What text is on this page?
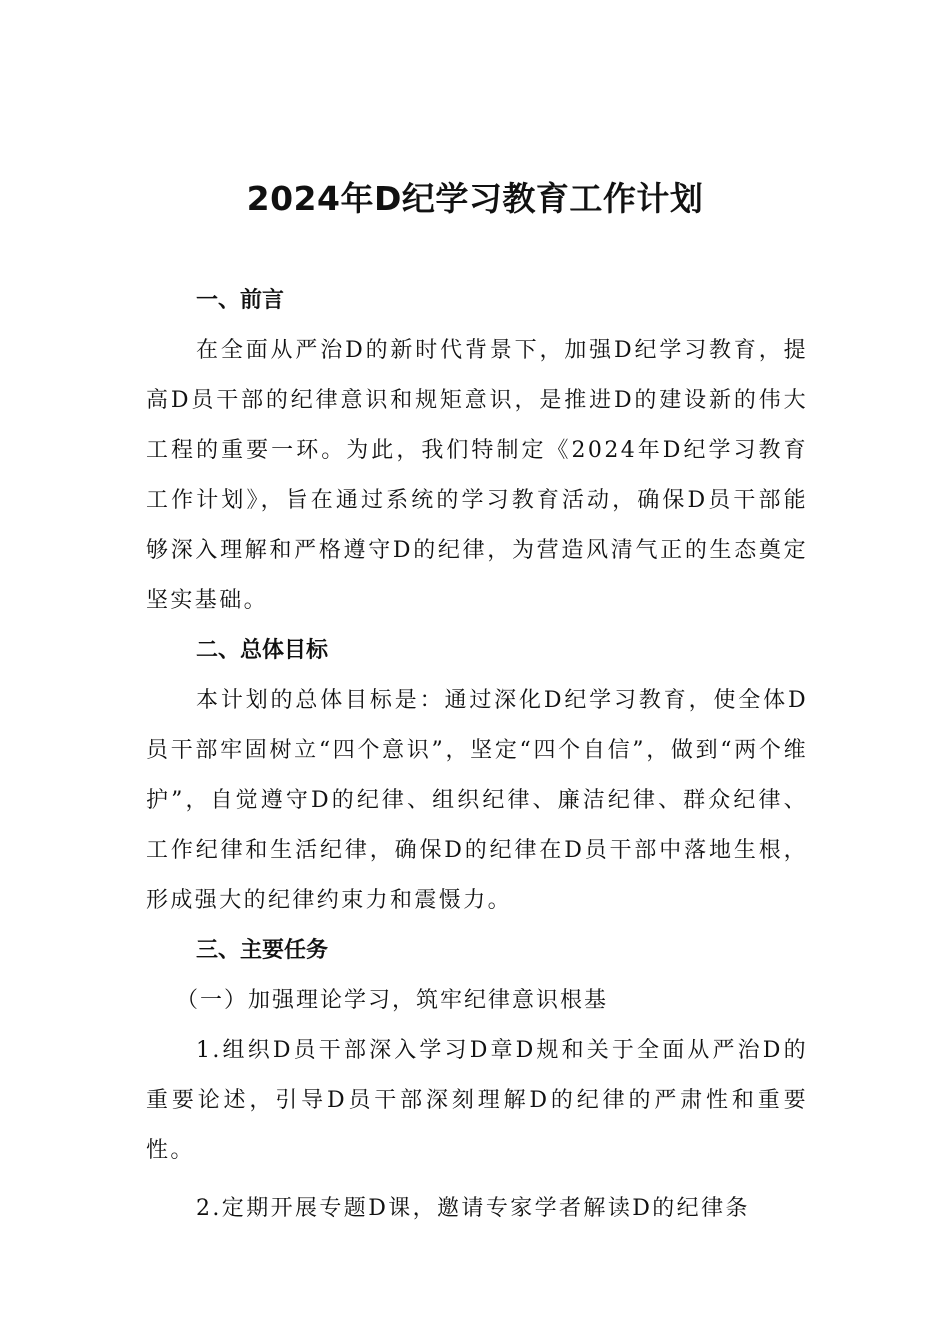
2024年D纪学习教育工作计划

一、前言

在全面从严治D的新时代背景下，加强D纪学习教育，提高D员干部的纪律意识和规矩意识，是推进D的建设新的伟大工程的重要一环。为此，我们特制定《2024年D纪学习教育工作计划》，旨在通过系统的学习教育活动，确保D员干部能够深入理解和严格遵守D的纪律，为营造风清气正的生态奠定坚实基础。

二、总体目标

本计划的总体目标是：通过深化D纪学习教育，使全体D员干部牢固树立“四个意识”，坚定“四个自信”，做到“两个维护”，自觉遵守D的纪律、组织纪律、廉洁纪律、群众纪律、工作纪律和生活纪律，确保D的纪律在D员干部中落地生根，形成强大的纪律约束力和震慑力。

三、主要任务

（一）加强理论学习，筑牢纪律意识根基

1.组织D员干部深入学习D章D规和关于全面从严治D的重要论述，引导D员干部深刻理解D的纪律的严肃性和重要性。

2.定期开展专题D课，邀请专家学者解读D的纪律条
